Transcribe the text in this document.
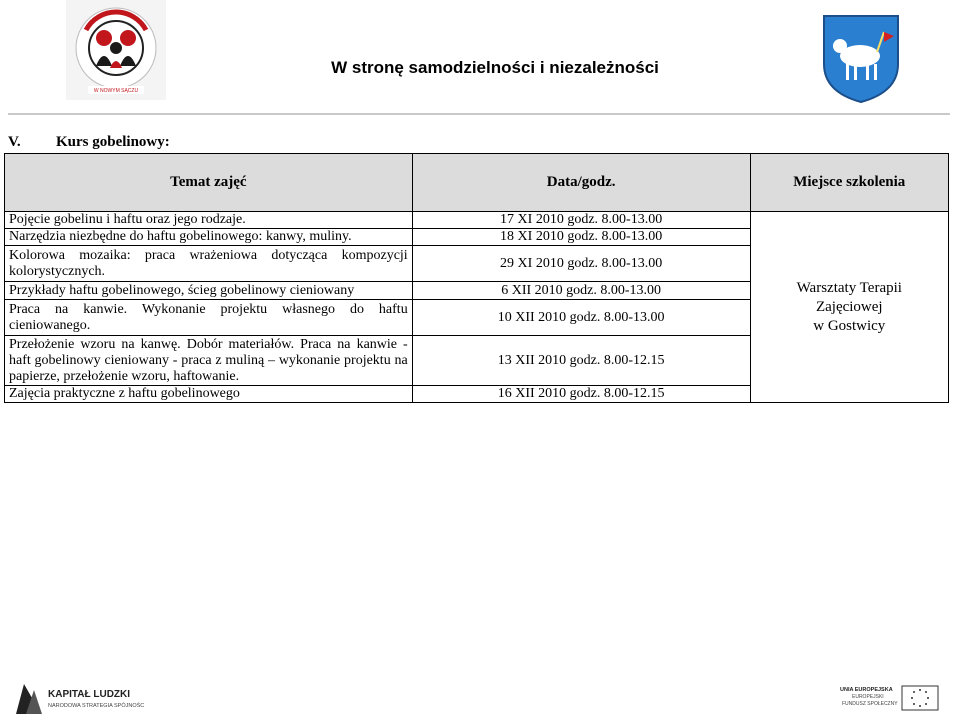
W NOWYM SĄCZU
W stronę samodzielności i niezależności
V. Kurs gobelinowy:
Temat zajęć	Data/godz.	Miejsce szkolenia
Pojęcie gobelinu i haftu oraz jego rodzaje.	17 XI 2010 godz. 8.00-13.00	Warsztaty Terapii
Zajęciowej
w Gostwicy

Narzędzia niezbędne do haftu gobelinowego: kanwy, muliny.	18 XI 2010 godz. 8.00-13.00	
Kolorowa mozaika: praca wrażeniowa dotycząca kompozycji kolorystycznych.	29 XI 2010 godz. 8.00-13.00	
Przykłady haftu gobelinowego, ścieg gobelinowy cieniowany	6 XII 2010 godz. 8.00-13.00	
Praca na kanwie. Wykonanie projektu własnego do haftu cieniowanego.	10 XII 2010 godz. 8.00-13.00	
Przełożenie wzoru na kanwę. Dobór materiałów. Praca na kanwie - haft gobelinowy cieniowany - praca z muliną – wykonanie projektu na papierze, przełożenie wzoru, haftowanie.	13 XII 2010 godz. 8.00-12.15	
Zajęcia praktyczne z haftu gobelinowego	16 XII 2010 godz. 8.00-12.15	
KAPITAŁ LUDZKI
NARODOWA STRATEGIA SPÓJNOŚCI
UNIA EUROPEJSKA
EUROPEJSKI
FUNDUSZ SPOŁECZNY
